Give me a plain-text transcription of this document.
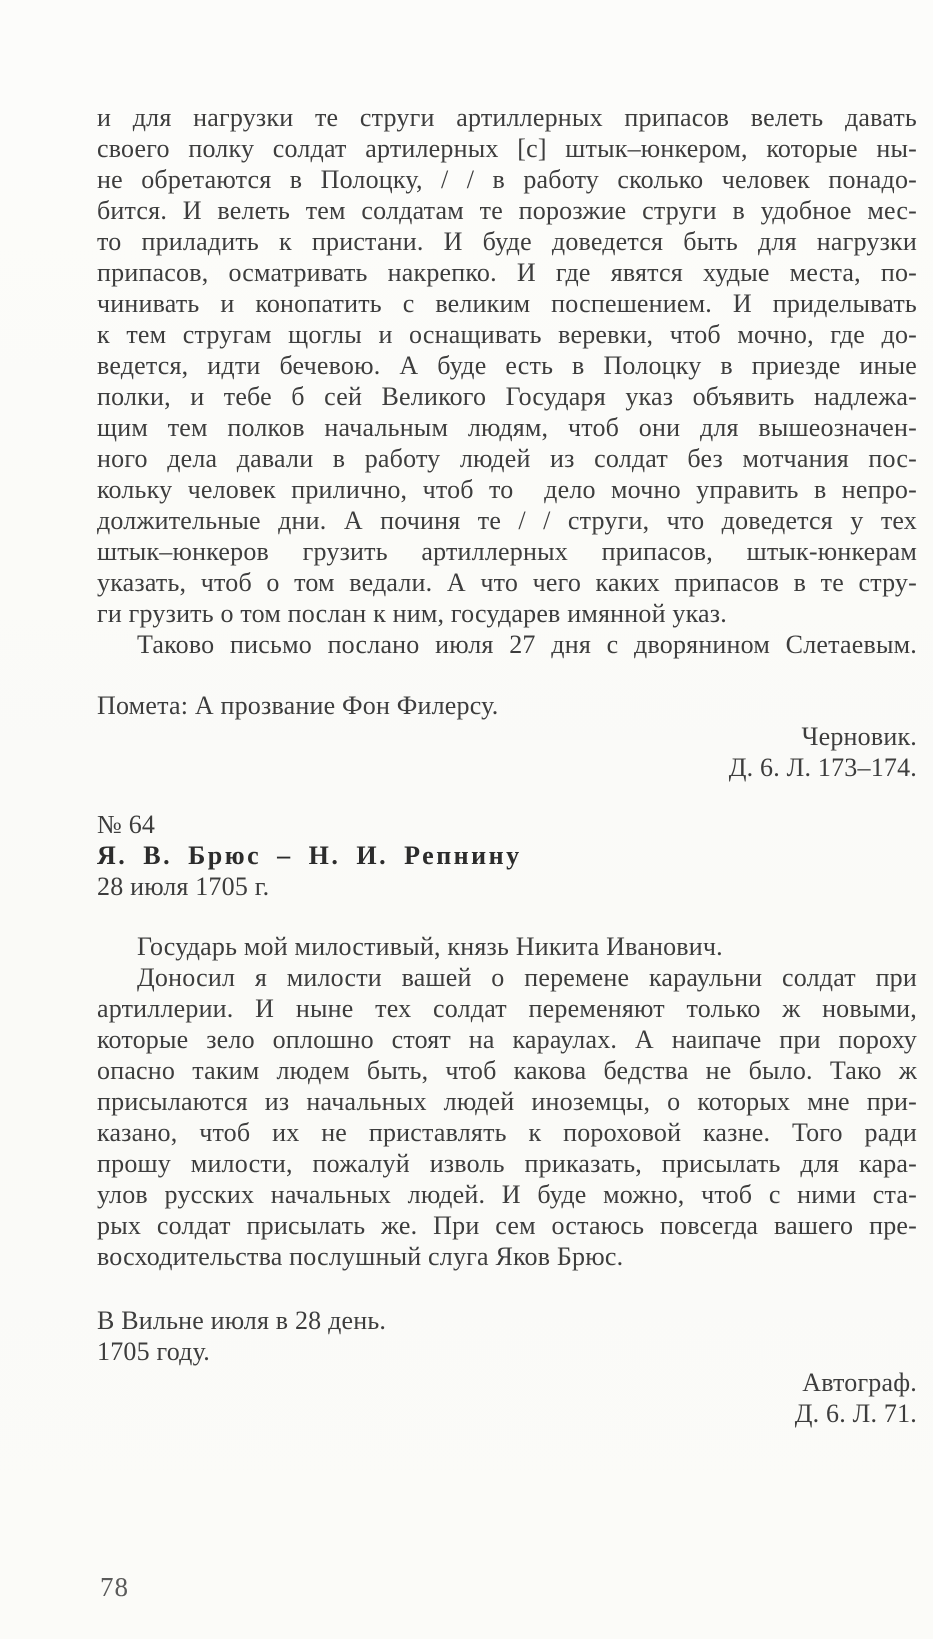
и для нагрузки те струги артиллерных припасов велеть давать
своего полку солдат артилерных [с] штык–юнкером, которые ны-
не обретаются в Полоцку, / / в работу сколько человек понадо-
бится. И велеть тем солдатам те порозжие струги в удобное мес-
то приладить к пристани. И буде доведется быть для нагрузки
припасов, осматривать накрепко. И где явятся худые места, по-
чинивать и конопатить с великим поспешением. И приделывать
к тем стругам щоглы и оснащивать веревки, чтоб мочно, где до-
ведется, идти бечевою. А буде есть в Полоцку в приезде иные
полки, и тебе б сей Великого Государя указ объявить надлежа-
щим тем полков начальным людям, чтоб они для вышеозначен-
ного дела давали в работу людей из солдат без мотчания пос-
кольку человек прилично, чтоб то  дело мочно управить в непро-
должительные дни. А починя те / / струги, что доведется у тех
штык–юнкеров грузить артиллерных припасов, штык-юнкерам
указать, чтоб о том ведали. А что чего каких припасов в те стру-
ги грузить о том послан к ним, государев имянной указ.
Таково письмо послано июля 27 дня с дворянином Слетаевым.
Помета: А прозвание Фон Филерсу.
Черновик.
Д. 6. Л. 173–174.
№ 64
Я. В. Брюс – Н. И. Репнину
28 июля 1705 г.
Государь мой милостивый, князь Никита Иванович.
Доносил я милости вашей о перемене караульни солдат при
артиллерии. И ныне тех солдат переменяют только ж новыми,
которые зело оплошно стоят на караулах. А наипаче при пороху
опасно таким людем быть, чтоб какова бедства не было. Тако ж
присылаются из начальных людей иноземцы, о которых мне при-
казано, чтоб их не приставлять к пороховой казне. Того ради
прошу милости, пожалуй изволь приказать, присылать для кара-
улов русских начальных людей. И буде можно, чтоб с ними ста-
рых солдат присылать же. При сем остаюсь повсегда вашего пре-
восходительства послушный слуга Яков Брюс.
В Вильне июля в 28 день.
1705 году.
Автограф.
Д. 6. Л. 71.
78
